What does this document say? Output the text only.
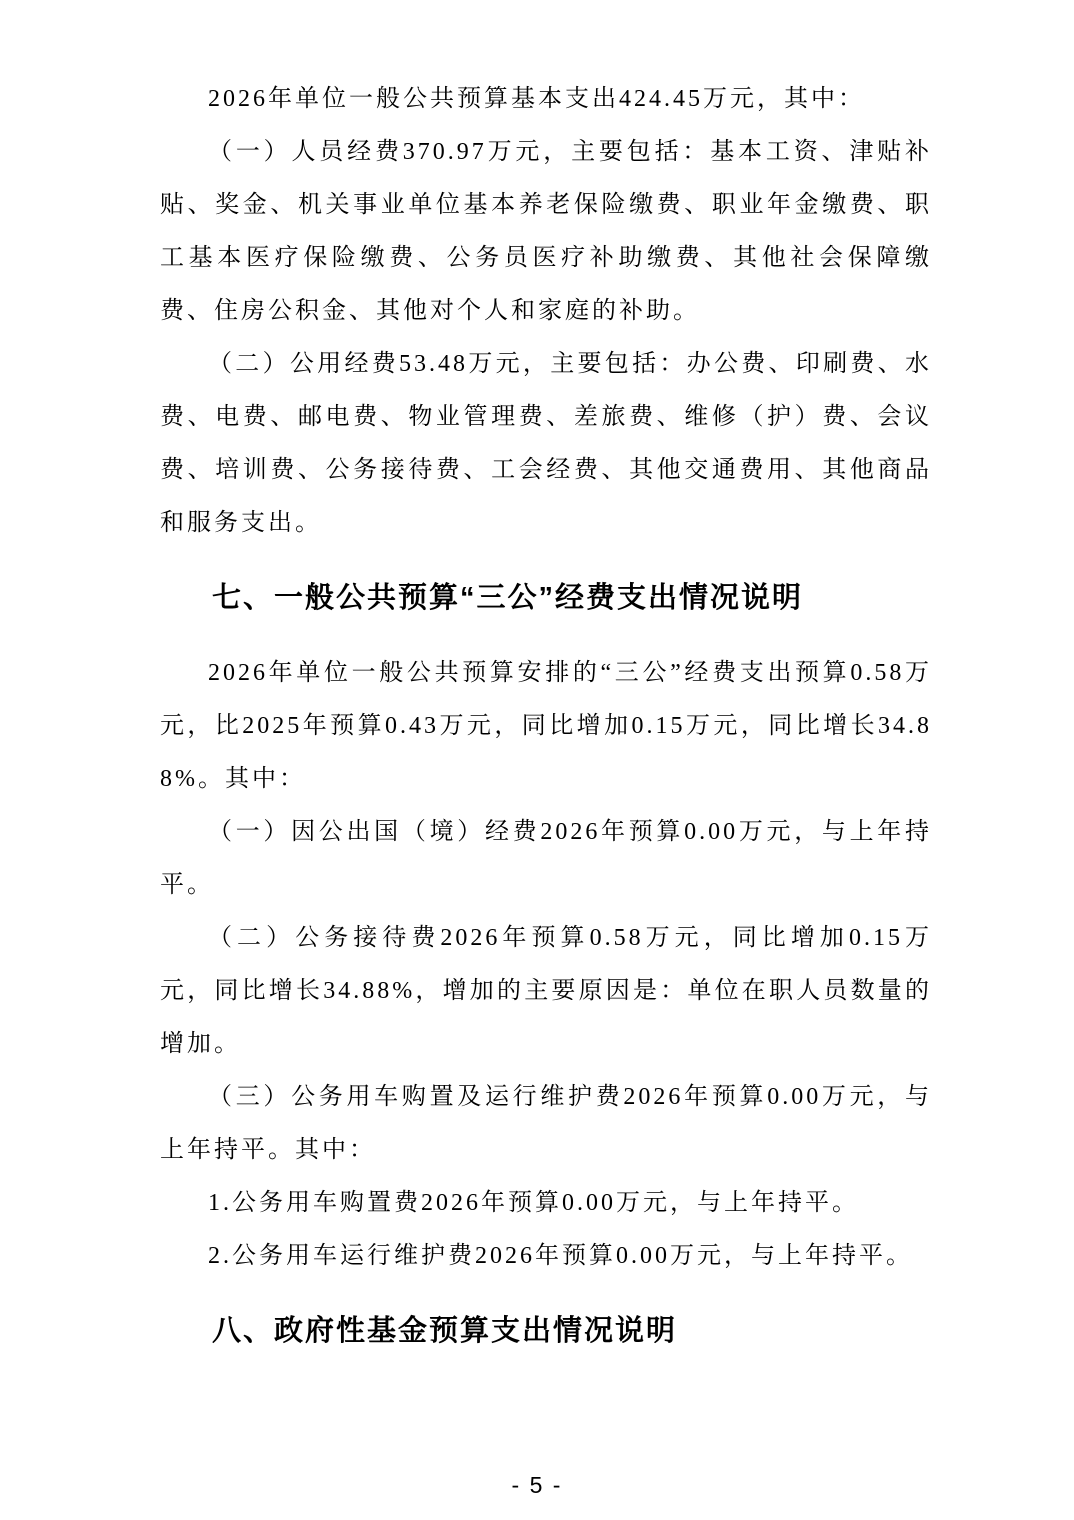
2026年单位一般公共预算基本支出424.45万元，其中：

（一）人员经费370.97万元，主要包括：基本工资、津贴补贴、奖金、机关事业单位基本养老保险缴费、职业年金缴费、职工基本医疗保险缴费、公务员医疗补助缴费、其他社会保障缴费、住房公积金、其他对个人和家庭的补助。

（二）公用经费53.48万元，主要包括：办公费、印刷费、水费、电费、邮电费、物业管理费、差旅费、维修（护）费、会议费、培训费、公务接待费、工会经费、其他交通费用、其他商品和服务支出。

七、一般公共预算“三公”经费支出情况说明

2026年单位一般公共预算安排的“三公”经费支出预算0.58万元，比2025年预算0.43万元，同比增加0.15万元，同比增长34.88%。其中：

（一）因公出国（境）经费2026年预算0.00万元，与上年持平。

（二）公务接待费2026年预算0.58万元，同比增加0.15万元，同比增长34.88%，增加的主要原因是：单位在职人员数量的增加。

（三）公务用车购置及运行维护费2026年预算0.00万元，与上年持平。其中：

1.公务用车购置费2026年预算0.00万元，与上年持平。

2.公务用车运行维护费2026年预算0.00万元，与上年持平。

八、政府性基金预算支出情况说明
- 5 -
